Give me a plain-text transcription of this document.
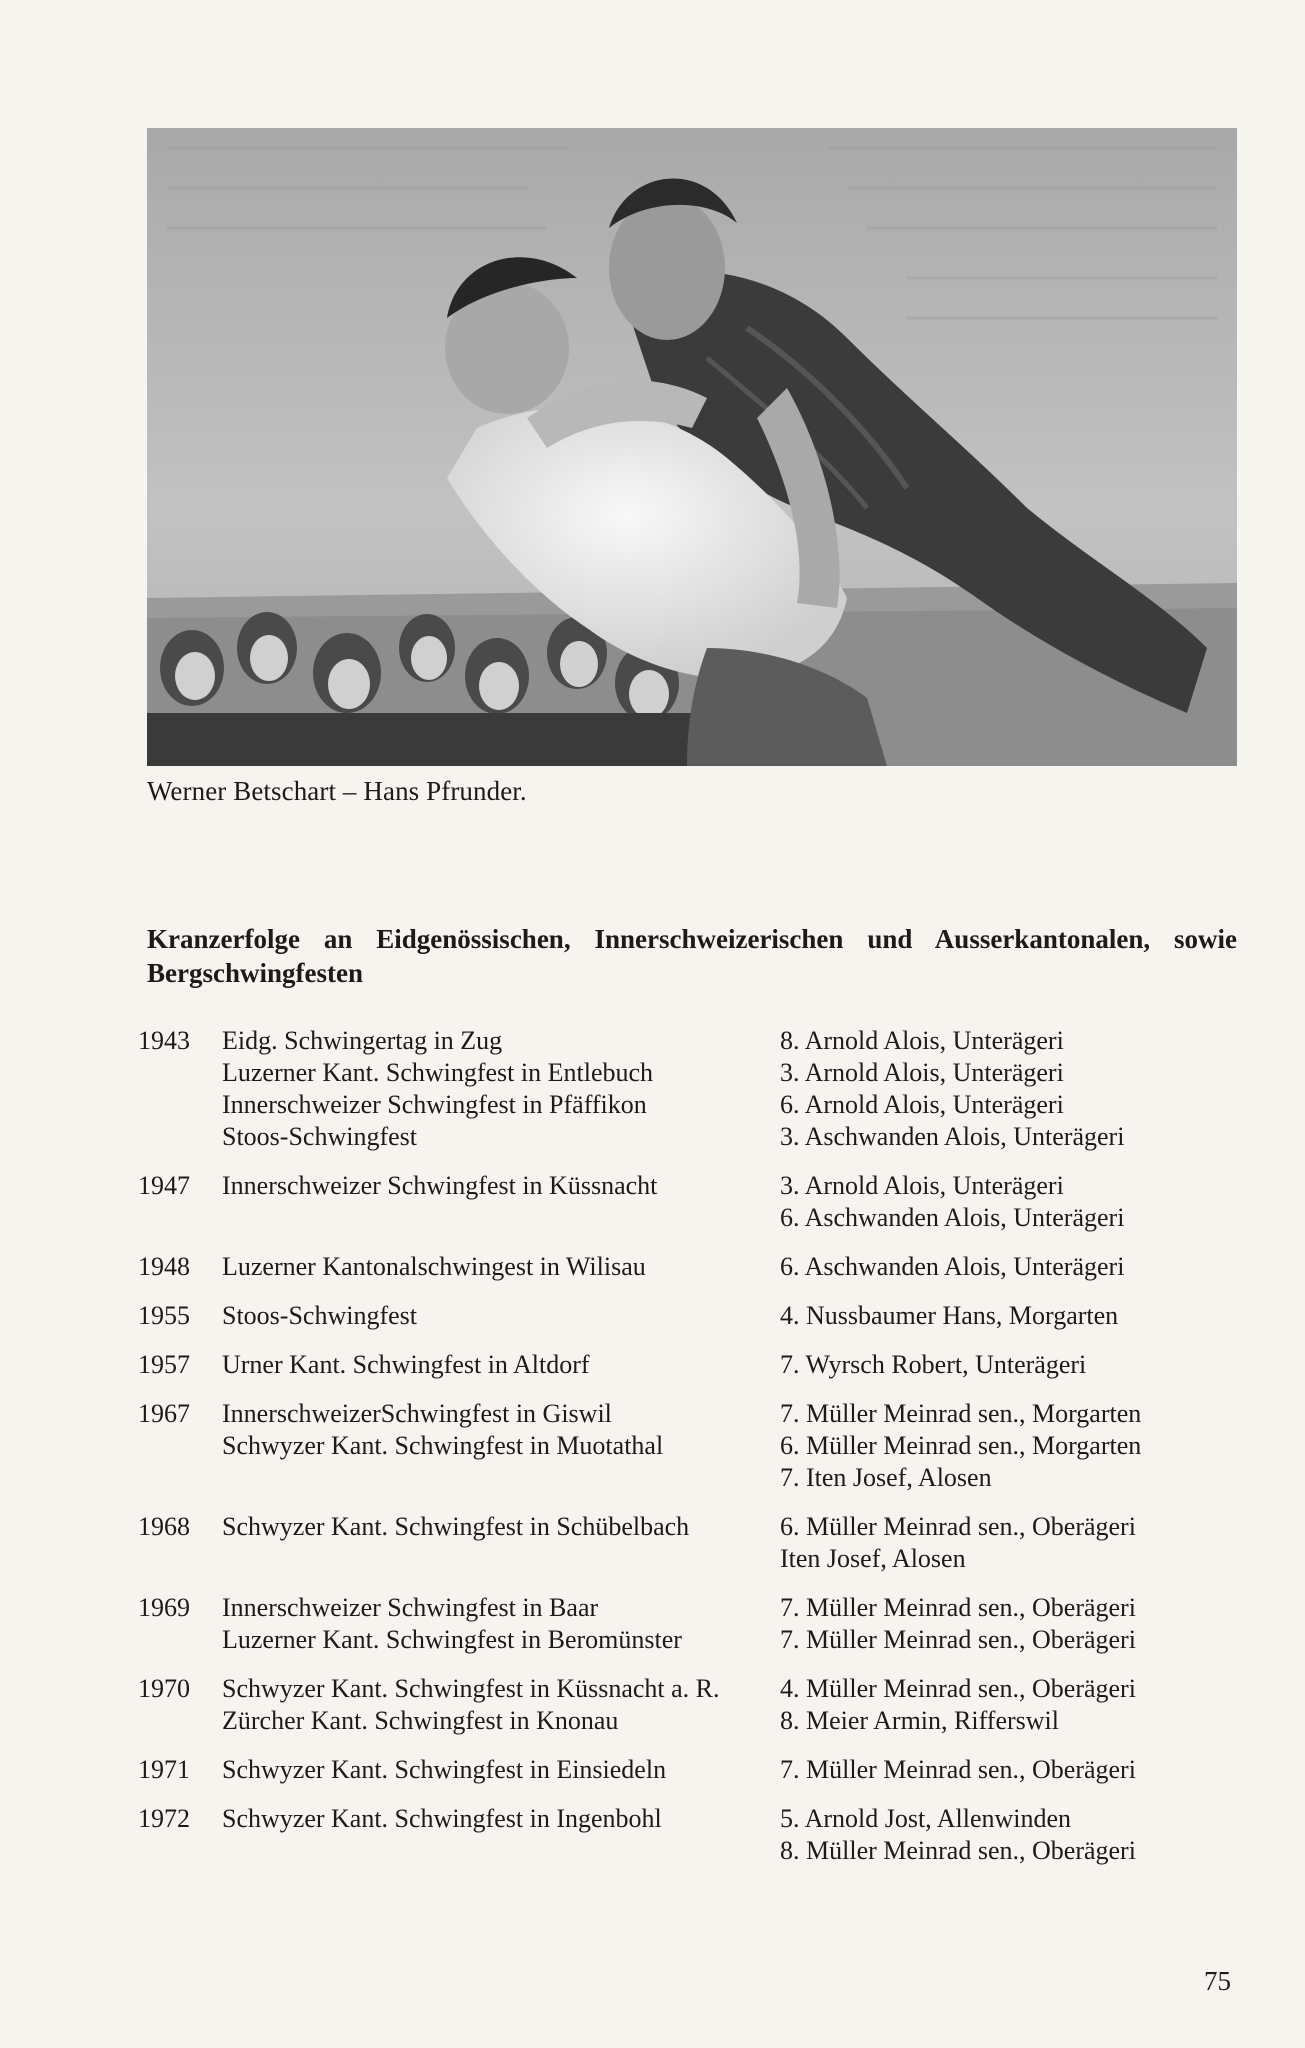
Werner Betschart – Hans Pfrunder.
Kranzerfolge an Eidgenössischen, Innerschweizerischen und Ausserkantonalen, sowie Bergschwingfesten
1943 Eidg. Schwingertag in Zug	8. Arnold Alois, Unterägeri
Luzerner Kant. Schwingfest in Entlebuch	3. Arnold Alois, Unterägeri
Innerschweizer Schwingfest in Pfäffikon	6. Arnold Alois, Unterägeri
Stoos-Schwingfest	3. Aschwanden Alois, Unterägeri
1947 Innerschweizer Schwingfest in Küssnacht	3. Arnold Alois, Unterägeri
6. Aschwanden Alois, Unterägeri
1948 Luzerner Kantonalschwingest in Wilisau	6. Aschwanden Alois, Unterägeri
1955 Stoos-Schwingfest	4. Nussbaumer Hans, Morgarten
1957 Urner Kant. Schwingfest in Altdorf	7. Wyrsch Robert, Unterägeri
1967 InnerschweizerSchwingfest in Giswil	7. Müller Meinrad sen., Morgarten
Schwyzer Kant. Schwingfest in Muotathal	6. Müller Meinrad sen., Morgarten
7. Iten Josef, Alosen
1968 Schwyzer Kant. Schwingfest in Schübelbach	6. Müller Meinrad sen., Oberägeri
Iten Josef, Alosen
1969 Innerschweizer Schwingfest in Baar	7. Müller Meinrad sen., Oberägeri
Luzerner Kant. Schwingfest in Beromünster	7. Müller Meinrad sen., Oberägeri
1970 Schwyzer Kant. Schwingfest in Küssnacht a. R. 4. Müller Meinrad sen., Oberägeri
Zürcher Kant. Schwingfest in Knonau	8. Meier Armin, Rifferswil
1971 Schwyzer Kant. Schwingfest in Einsiedeln	7. Müller Meinrad sen., Oberägeri
1972 Schwyzer Kant. Schwingfest in Ingenbohl	5. Arnold Jost, Allenwinden
8. Müller Meinrad sen., Oberägeri
75
